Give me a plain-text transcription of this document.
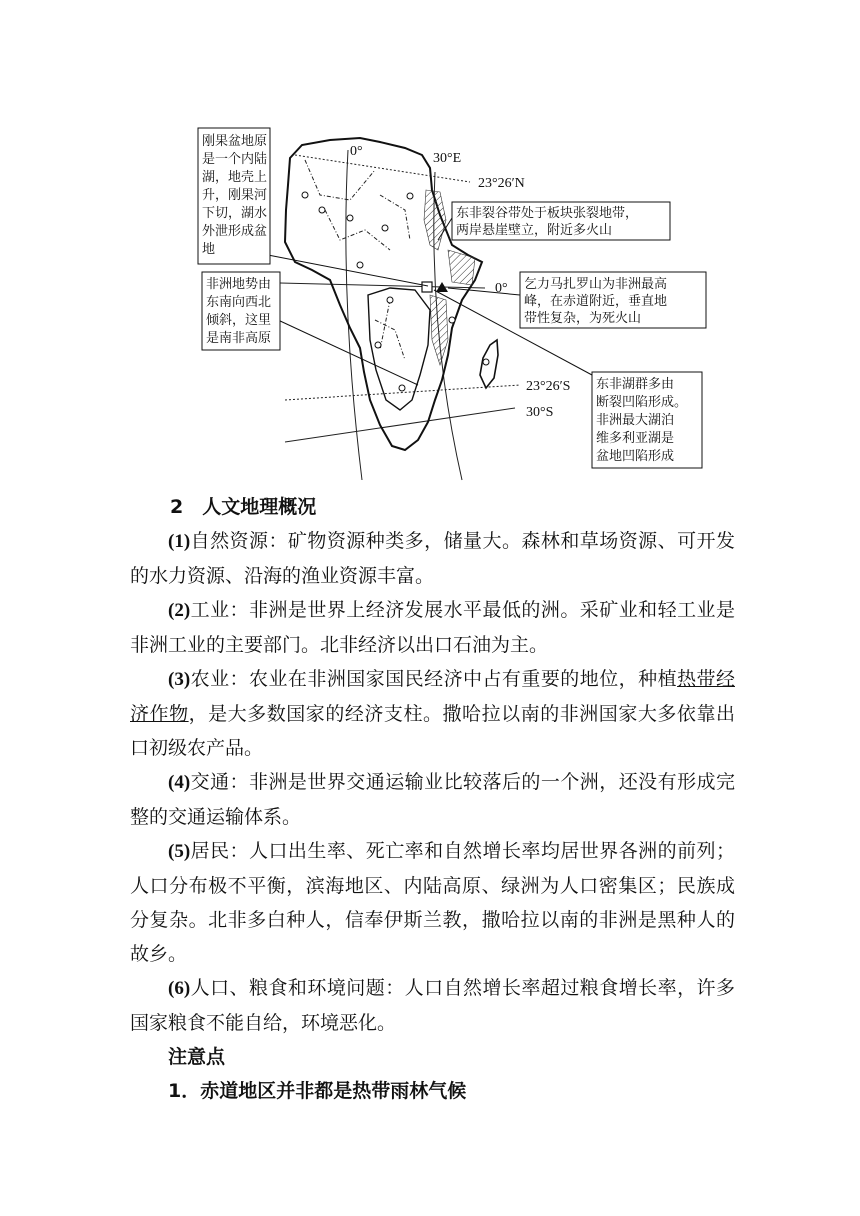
0°	30°E
23°26′N
0°
23°26′S
30°S
刚果盆地原
是一个内陆
湖，地壳上
升，刚果河
下切，湖水
外泄形成盆
地
东非裂谷带处于板块张裂地带，
两岸悬崖壁立，附近多火山
非洲地势由
东南向西北
倾斜，这里
是南非高原
乞力马扎罗山为非洲最高
峰，在赤道附近，垂直地
带性复杂，为死火山
东非湖群多由
断裂凹陷形成。
非洲最大湖泊
维多利亚湖是
盆地凹陷形成
2　人文地理概况

(1)自然资源：矿物资源种类多，储量大。森林和草场资源、可开发的水力资源、沿海的渔业资源丰富。

(2)工业：非洲是世界上经济发展水平最低的洲。采矿业和轻工业是非洲工业的主要部门。北非经济以出口石油为主。

(3)农业：农业在非洲国家国民经济中占有重要的地位，种植热带经济作物，是大多数国家的经济支柱。撒哈拉以南的非洲国家大多依靠出口初级农产品。

(4)交通：非洲是世界交通运输业比较落后的一个洲，还没有形成完整的交通运输体系。

(5)居民：人口出生率、死亡率和自然增长率均居世界各洲的前列；人口分布极不平衡，滨海地区、内陆高原、绿洲为人口密集区；民族成分复杂。北非多白种人，信奉伊斯兰教，撒哈拉以南的非洲是黑种人的故乡。

(6)人口、粮食和环境问题：人口自然增长率超过粮食增长率，许多国家粮食不能自给，环境恶化。

注意点

1．赤道地区并非都是热带雨林气候
